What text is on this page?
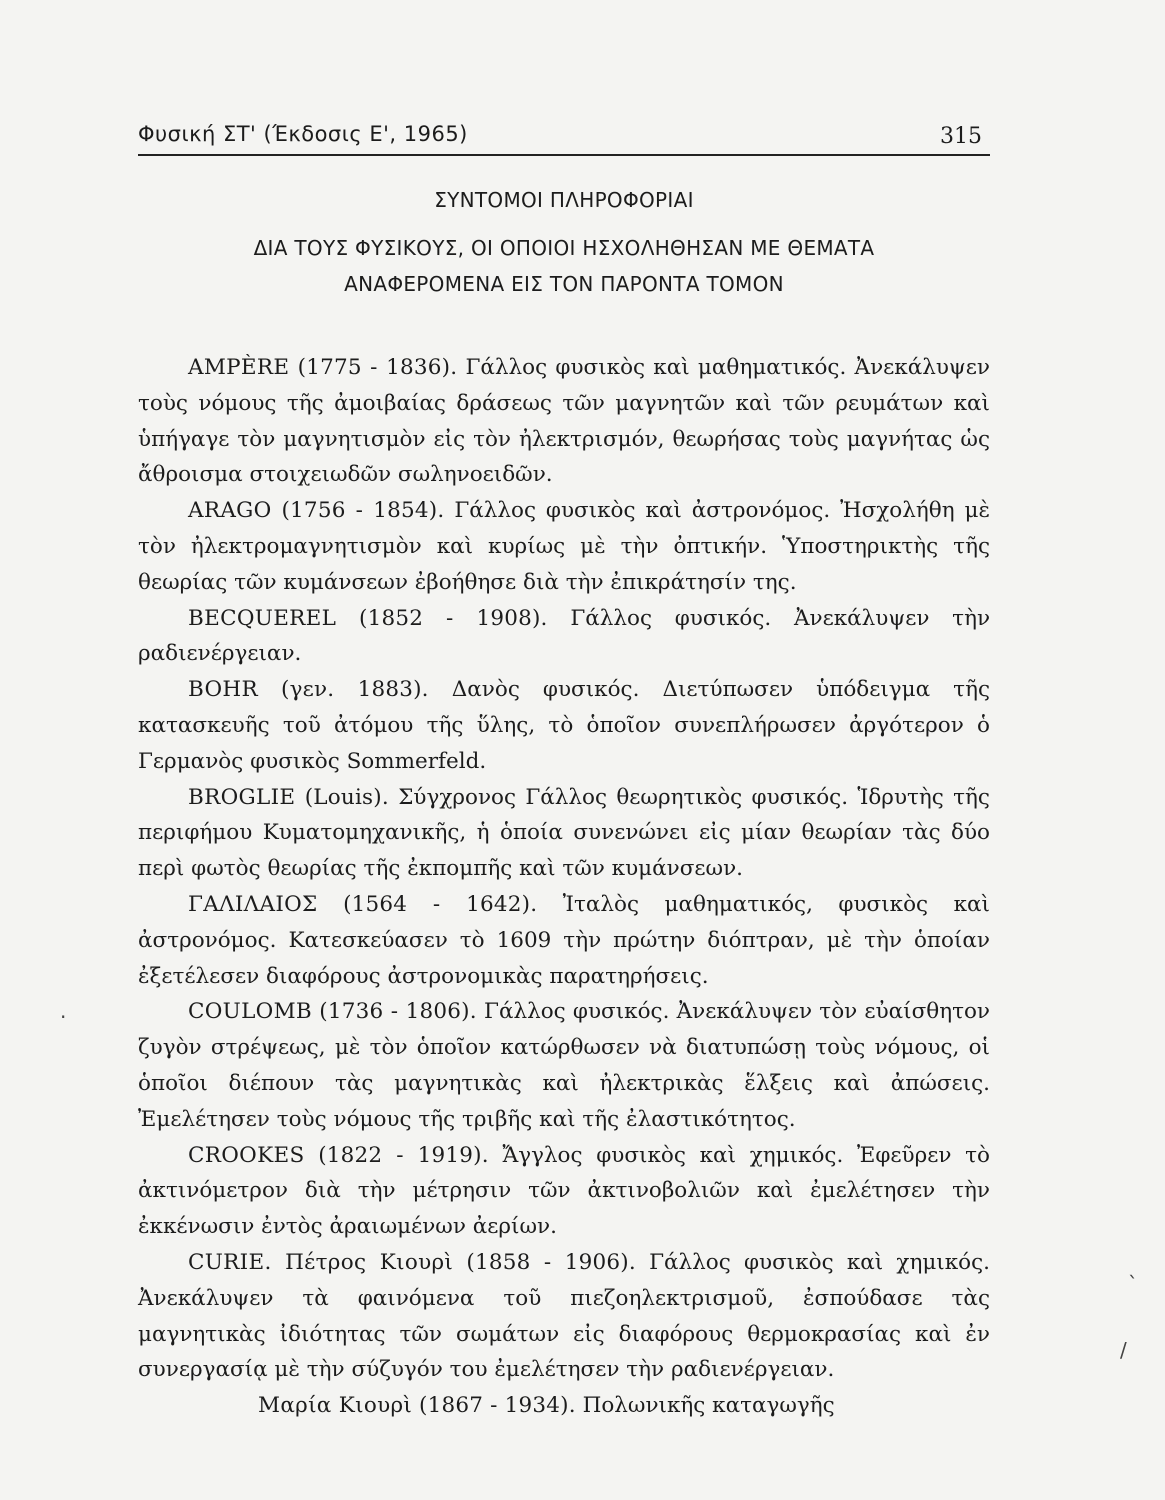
Φυσική ΣΤ' (Έκδοσις Ε', 1965)	315
ΣΥΝΤΟΜΟΙ ΠΛΗΡΟΦΟΡΙΑΙ
ΔΙΑ ΤΟΥΣ ΦΥΣΙΚΟΥΣ, ΟΙ ΟΠΟΙΟΙ ΗΣΧΟΛΗΘΗΣΑΝ ΜΕ ΘΕΜΑΤΑ
ΑΝΑΦΕΡΟΜΕΝΑ ΕΙΣ ΤΟΝ ΠΑΡΟΝΤΑ ΤΟΜΟΝ

AMPÈRE (1775 - 1836). Γάλλος φυσικὸς καὶ μαθηματικός. Ἀνεκάλυψεν τοὺς νόμους τῆς ἀμοιβαίας δράσεως τῶν μαγνητῶν καὶ τῶν ρευμάτων καὶ ὑπήγαγε τὸν μαγνητισμὸν εἰς τὸν ἠλεκτρισμόν, θεωρήσας τοὺς μαγνήτας ὡς ἄθροισμα στοιχειωδῶν σωληνοειδῶν.

ARAGO (1756 - 1854). Γάλλος φυσικὸς καὶ ἀστρονόμος. Ἠσχολήθη μὲ τὸν ἠλεκτρομαγνητισμὸν καὶ κυρίως μὲ τὴν ὀπτικήν. Ὑποστηρικτὴς τῆς θεωρίας τῶν κυμάνσεων ἐβοήθησε διὰ τὴν ἐπικράτησίν της.

BECQUEREL (1852 - 1908). Γάλλος φυσικός. Ἀνεκάλυψεν τὴν ραδιενέργειαν.

BOHR (γεν. 1883). Δανὸς φυσικός. Διετύπωσεν ὑπόδειγμα τῆς κατασκευῆς τοῦ ἀτόμου τῆς ὕλης, τὸ ὁποῖον συνεπλήρωσεν ἀργότερον ὁ Γερμανὸς φυσικὸς Sommerfeld.

BROGLIE (Louis). Σύγχρονος Γάλλος θεωρητικὸς φυσικός. Ἱδρυτὴς τῆς περιφήμου Κυματομηχανικῆς, ἡ ὁποία συνενώνει εἰς μίαν θεωρίαν τὰς δύο περὶ φωτὸς θεωρίας τῆς ἐκπομπῆς καὶ τῶν κυμάνσεων.

ΓΑΛΙΛΑΙΟΣ (1564 - 1642). Ἰταλὸς μαθηματικός, φυσικὸς καὶ ἀστρονόμος. Κατεσκεύασεν τὸ 1609 τὴν πρώτην διόπτραν, μὲ τὴν ὁποίαν ἐξετέλεσεν διαφόρους ἀστρονομικὰς παρατηρήσεις.

COULOMB (1736 - 1806). Γάλλος φυσικός. Ἀνεκάλυψεν τὸν εὐαίσθητον ζυγὸν στρέψεως, μὲ τὸν ὁποῖον κατώρθωσεν νὰ διατυπώσῃ τοὺς νόμους, οἱ ὁποῖοι διέπουν τὰς μαγνητικὰς καὶ ἠλεκτρικὰς ἕλξεις καὶ ἀπώσεις. Ἐμελέτησεν τοὺς νόμους τῆς τριβῆς καὶ τῆς ἐλαστικότητος.

CROOKES (1822 - 1919). Ἄγγλος φυσικὸς καὶ χημικός. Ἐφεῦρεν τὸ ἀκτινόμετρον διὰ τὴν μέτρησιν τῶν ἀκτινοβολιῶν καὶ ἐμελέτησεν τὴν ἐκκένωσιν ἐντὸς ἀραιωμένων ἀερίων.

CURIE. Πέτρος Κιουρὶ (1858 - 1906). Γάλλος φυσικὸς καὶ χημικός. Ἀνεκάλυψεν τὰ φαινόμενα τοῦ πιεζοηλεκτρισμοῦ, ἐσπούδασε τὰς μαγνητικὰς ἰδιότητας τῶν σωμάτων εἰς διαφόρους θερμοκρασίας καὶ ἐν συνεργασίᾳ μὲ τὴν σύζυγόν του ἐμελέτησεν τὴν ραδιενέργειαν.

Μαρία Κιουρὶ (1867 - 1934). Πολωνικῆς καταγωγῆς

·
`
/
